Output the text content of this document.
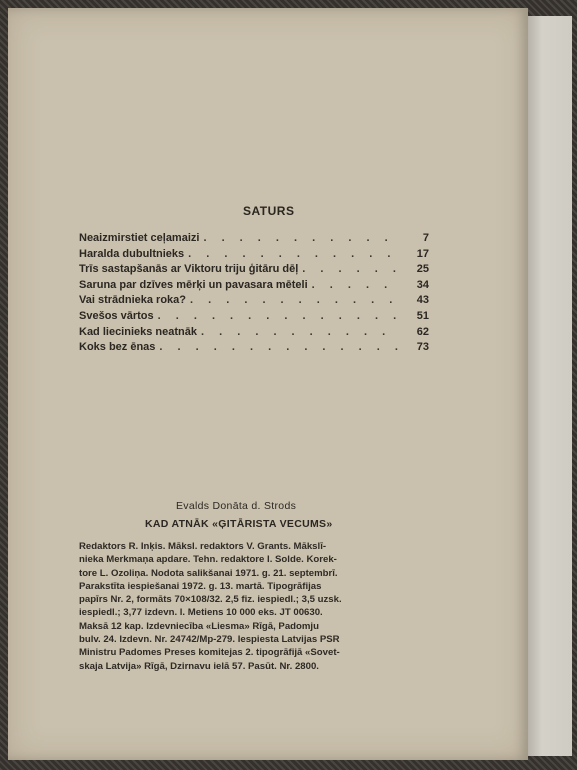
SATURS
Neaizmirstiet ceļamaizi . . .	7
Haralda dubultnieks . . .	17
Trīs sastapšanās ar Viktoru triju ģitāru dēļ . . .	25
Saruna par dzīves mērķi un pavasara mēteli . . .	34
Vai strādnieka roka? . . .	43
Svešos vārtos . . .	51
Kad liecinieks neatnāk . . .	62
Koks bez ēnas . . .	73
Evalds Donāta d. Strods
KAD ATNĀK «ĢITĀRISTA VECUMS»
Redaktors R. Inķis. Māksl. redaktors V. Grants. Mākslī-
nieka Merkmaņa apdare. Tehn. redaktore I. Solde. Korek-
tore L. Ozoliņa. Nodota salikšanai 1971. g. 21. septembrī.
Parakstīta iespiešanai 1972. g. 13. martā. Tipogrāfijas
papīrs Nr. 2, formāts 70×108/32. 2,5 fiz. iespiedl.; 3,5 uzsk.
iespiedl.; 3,77 izdevn. l. Metiens 10 000 eks. JT 00630.
Maksā 12 kap. Izdevniecība «Liesma» Rīgā, Padomju
bulv. 24. Izdevn. Nr. 24742/Mp-279. Iespiesta Latvijas PSR
Ministru Padomes Preses komitejas 2. tipogrāfijā «Sovet-
skaja Latvija» Rīgā, Dzirnavu ielā 57. Pasūt. Nr. 2800.
